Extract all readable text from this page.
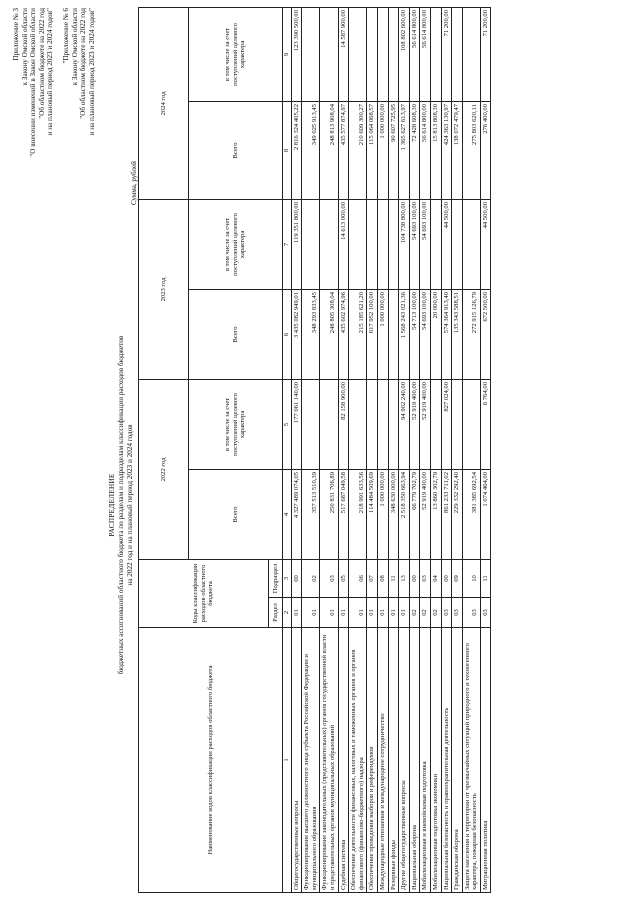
Приложение № 3 к Закону Омской области "О внесении изменений в Закон Омской области "Об областном бюджете на 2022 год и на плановый период 2023 и 2024 годов" "Приложение № 6 к Закону Омской области "Об областном бюджете на 2022 год и на плановый период 2023 и 2024 годов"
РАСПРЕДЕЛЕНИЕ бюджетных ассигнований областного бюджета по разделам и подразделам классификации расходов бюджетов на 2022 год и на плановый период 2023 и 2024 годов
Сумма, рублей
Наименование кодов классификации расходов областного бюджета	Коды классификации расходов областного бюджета		2022 год		2023 год		2024 год	
			Всего	в том числе за счет поступлений целевого характера	Всего	в том числе за счет поступлений целевого характера	Всего	в том числе за счет поступлений целевого характера
	Раздел	Подраздел						
1	2	3	4	5	6	7	8	9
Общегосударственные вопросы	01	00	4 327 489 074,05	177 061 140,00	3 435 082 949,01	119 351 800,00	2 816 324 405,22	123 390 500,00
Функционирование высшего должностного лица субъекта Российской Федерации и муниципального образования	01	02	357 513 510,39		348 293 833,45		349 025 913,45	
Функционирование законодательных (представительных) органов государственной власти и представительных органов муниципальных образований	01	03	250 831 706,89		248 805 308,04		248 813 908,04	
Судебная система	01	05	517 687 049,58	82 158 900,00	435 602 974,96	14 613 000,00	435 577 874,97	14 587 900,00
Обеспечение деятельности финансовых, налоговых и таможенных органов и органов финансового (финансово-бюджетного) надзора	01	06	218 991 633,56		215 185 621,20		210 609 300,27	
Обеспечение проведения выборов и референдумов	01	07	114 484 509,69		617 952 100,00		115 064 068,57	
Международные отношения и международное сотрудничество	01	08	1 000 000,00		1 000 000,00		1 000 000,00	
Резервные фонды	01	11	348 630 000,00				90 607 725,95	
Другие общегосударственные вопросы	01	13	2 518 350 663,94	94 902 240,00	1 568 243 021,36	104 738 800,00	1 365 627 613,97	108 802 600,00
Национальная оборона	02	00	66 779 702,79	52 919 400,00	54 713 100,00	54 693 100,00	72 428 608,30	56 614 800,00
Мобилизационная и вневойсковая подготовка	02	03	52 919 400,00	52 919 400,00	54 693 100,00	54 693 100,00	56 614 800,00	56 614 800,00
Мобилизационная подготовка экономики	02	04	13 860 302,79		20 000,00		15 813 808,30	
Национальная безопасность и правоохранительная деятельность	03	00	861 233 711,02	827 024,00	574 364 913,40	44 500,00	424 363 130,97	71 200,00
Гражданская оборона	03	09	229 332 292,40		135 343 588,51		138 072 479,47	
Защита населения и территории от чрезвычайных ситуаций природного и техногенного характера, пожарная безопасность	03	10	381 385 692,54		272 915 126,79		275 803 620,11	
Миграционная политика	03	11	1 074 464,00	6 764,00	672 500,00	44 500,00	276 400,00	71 200,00
